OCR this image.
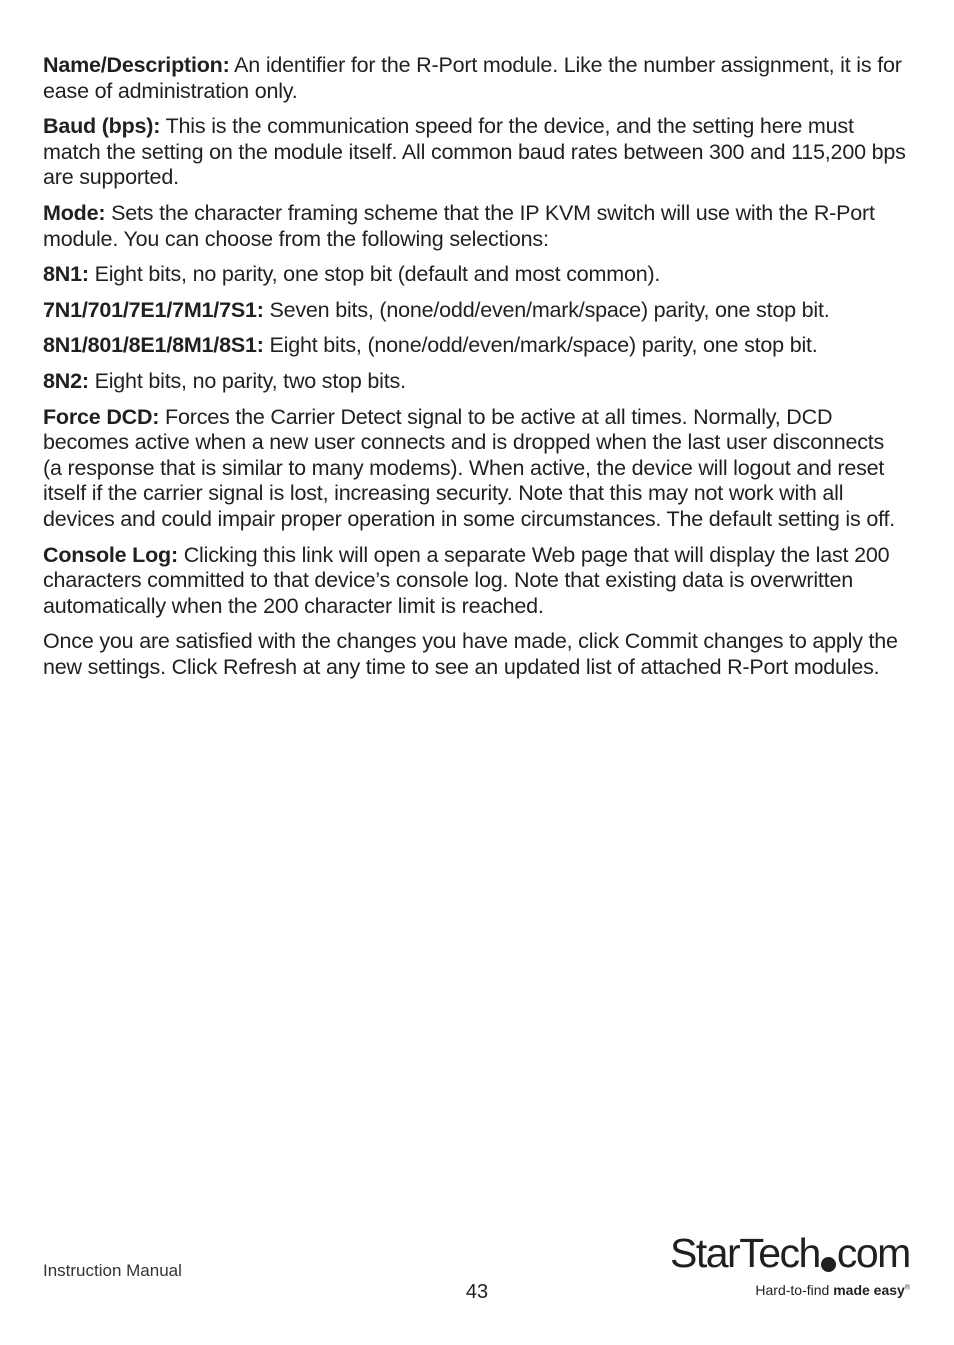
Name/Description: An identifier for the R-Port module. Like the number assignment, it is for ease of administration only.

Baud (bps): This is the communication speed for the device, and the setting here must match the setting on the module itself. All common baud rates between 300 and 115,200 bps are supported.

Mode: Sets the character framing scheme that the IP KVM switch will use with the R-Port module. You can choose from the following selections:

8N1: Eight bits, no parity, one stop bit (default and most common).

7N1/701/7E1/7M1/7S1: Seven bits, (none/odd/even/mark/space) parity, one stop bit.

8N1/801/8E1/8M1/8S1: Eight bits, (none/odd/even/mark/space) parity, one stop bit.

8N2: Eight bits, no parity, two stop bits.

Force DCD: Forces the Carrier Detect signal to be active at all times. Normally, DCD becomes active when a new user connects and is dropped when the last user disconnects (a response that is similar to many modems). When active, the device will logout and reset itself if the carrier signal is lost, increasing security. Note that this may not work with all devices and could impair proper operation in some circumstances. The default setting is off.

Console Log: Clicking this link will open a separate Web page that will display the last 200 characters committed to that device’s console log. Note that existing data is overwritten automatically when the 200 character limit is reached.

Once you are satisfied with the changes you have made, click Commit changes to apply the new settings. Click Refresh at any time to see an updated list of attached R-Port modules.

Instruction Manual
43
StarTech com
Hard-to-find made easy®
